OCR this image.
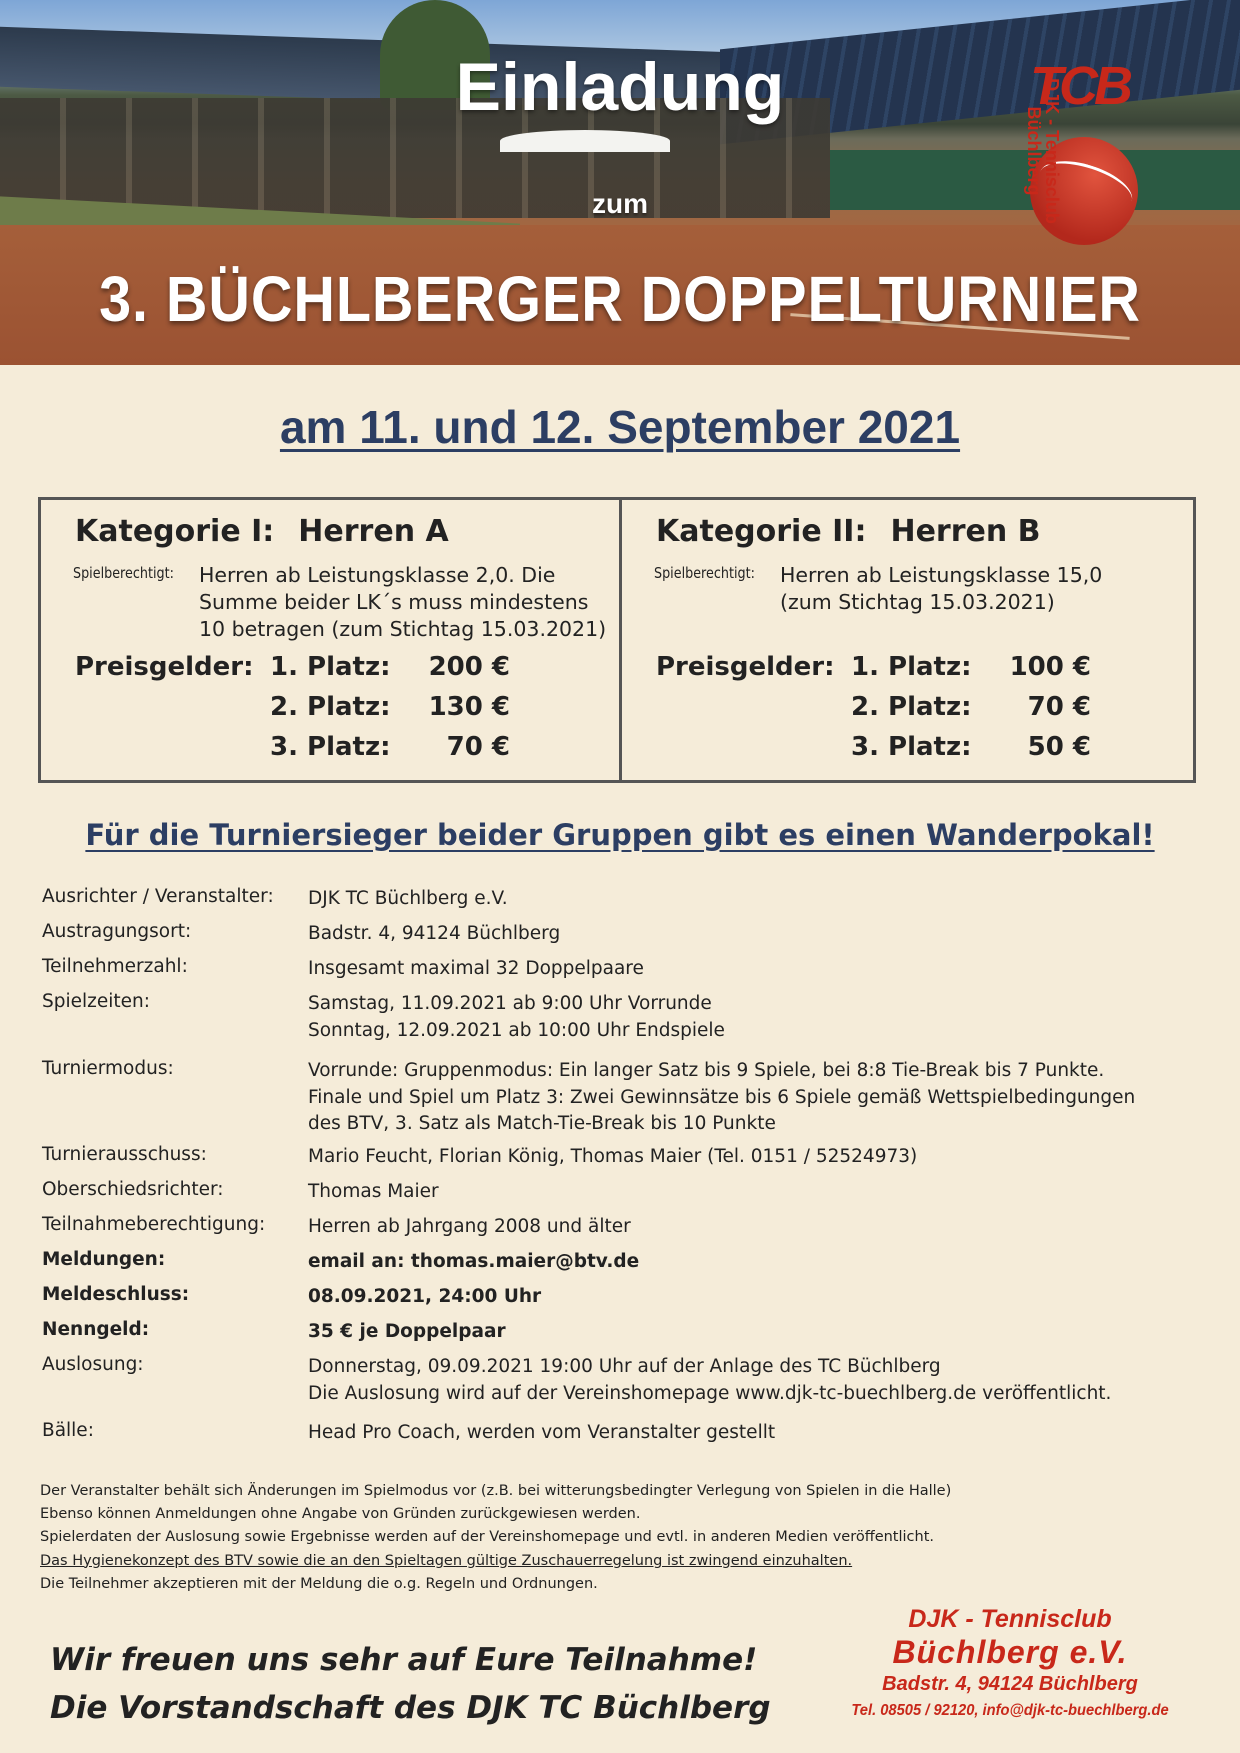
Einladung
zum
3. BÜCHLBERGER DOPPELTURNIER
TCB
DJK - Tennisclub
Büchlberg
am 11. und 12. September 2021
Kategorie I: Herren A
Spielberechtigt: Herren ab Leistungsklasse 2,0. Die
Summe beider LK´s muss mindestens
10 betragen (zum Stichtag 15.03.2021)
Preisgelder: 1. Platz: 200 €
2. Platz: 130 €
3. Platz: 70 €
Kategorie II: Herren B
Spielberechtigt: Herren ab Leistungsklasse 15,0
(zum Stichtag 15.03.2021)
Preisgelder: 1. Platz: 100 €
2. Platz: 70 €
3. Platz: 50 €
Für die Turniersieger beider Gruppen gibt es einen Wanderpokal!
Ausrichter / Veranstalter: DJK TC Büchlberg e.V.
Austragungsort:	Badstr. 4, 94124 Büchlberg
Teilnehmerzahl:	Insgesamt maximal 32 Doppelpaare
Spielzeiten:	Samstag, 11.09.2021 ab 9:00 Uhr Vorrunde
Sonntag, 12.09.2021 ab 10:00 Uhr Endspiele
Turniermodus:	Vorrunde: Gruppenmodus: Ein langer Satz bis 9 Spiele, bei 8:8 Tie-Break bis 7 Punkte.
Finale und Spiel um Platz 3: Zwei Gewinnsätze bis 6 Spiele gemäß Wettspielbedingungen
des BTV, 3. Satz als Match-Tie-Break bis 10 Punkte
Turnierausschuss:	Mario Feucht, Florian König, Thomas Maier (Tel. 0151 / 52524973)
Oberschiedsrichter:	Thomas Maier
Teilnahmeberechtigung: Herren ab Jahrgang 2008 und älter
Meldungen:	email an: thomas.maier@btv.de
Meldeschluss:	08.09.2021, 24:00 Uhr
Nenngeld:	35 € je Doppelpaar
Auslosung:	Donnerstag, 09.09.2021 19:00 Uhr auf der Anlage des TC Büchlberg
Die Auslosung wird auf der Vereinshomepage www.djk-tc-buechlberg.de veröffentlicht.
Bälle:	Head Pro Coach, werden vom Veranstalter gestellt
Der Veranstalter behält sich Änderungen im Spielmodus vor (z.B. bei witterungsbedingter Verlegung von Spielen in die Halle)
Ebenso können Anmeldungen ohne Angabe von Gründen zurückgewiesen werden.
Spielerdaten der Auslosung sowie Ergebnisse werden auf der Vereinshomepage und evtl. in anderen Medien veröffentlicht.
Das Hygienekonzept des BTV sowie die an den Spieltagen gültige Zuschauerregelung ist zwingend einzuhalten.
Die Teilnehmer akzeptieren mit der Meldung die o.g. Regeln und Ordnungen.
Wir freuen uns sehr auf Eure Teilnahme!
Die Vorstandschaft des DJK TC Büchlberg
DJK - Tennisclub
Büchlberg e.V.
Badstr. 4, 94124 Büchlberg
Tel. 08505 / 92120, info@djk-tc-buechlberg.de
